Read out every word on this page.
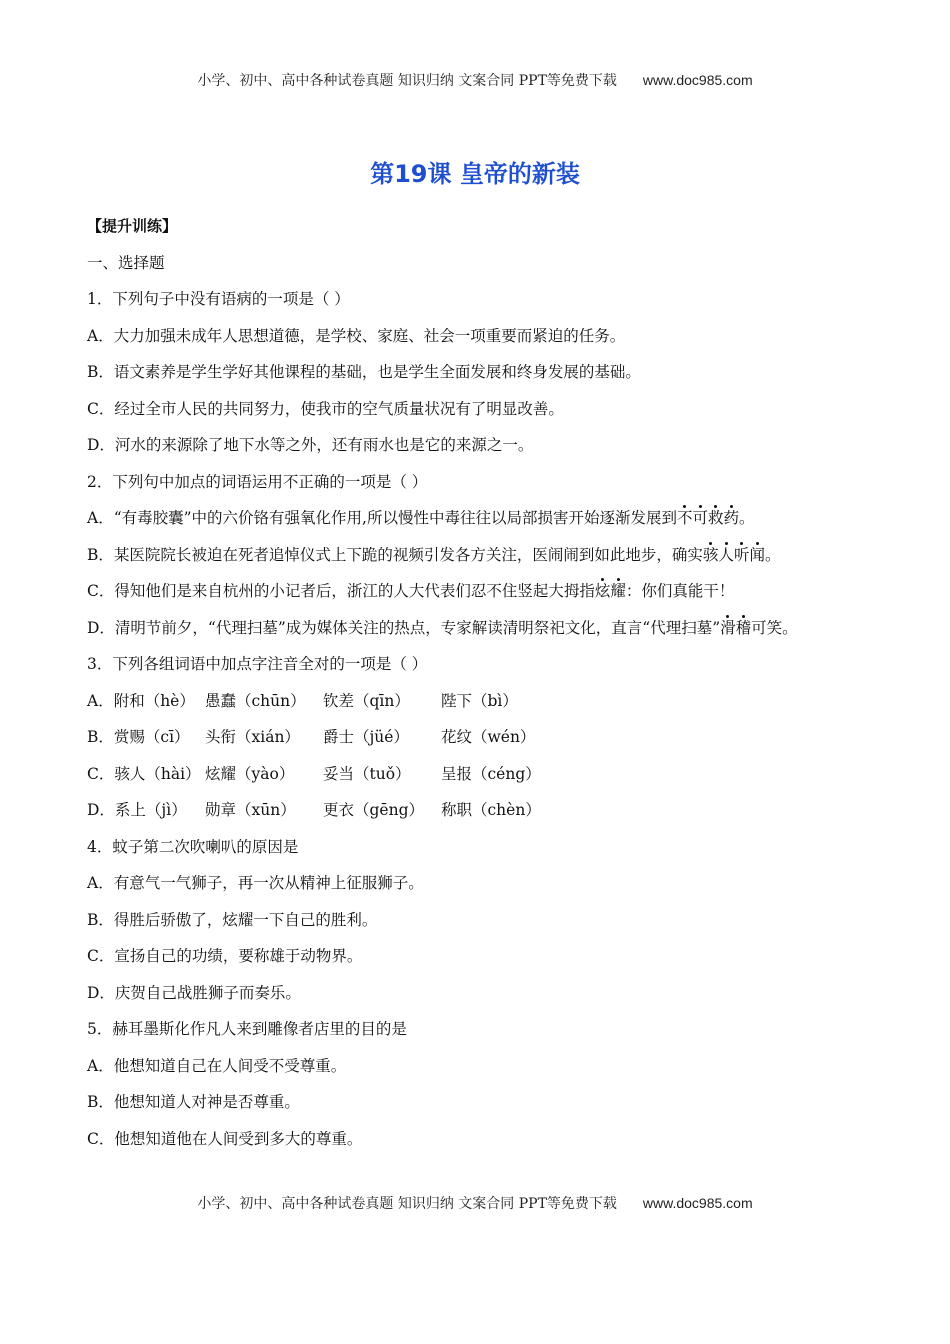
小学、初中、高中各种试卷真题 知识归纳 文案合同 PPT等免费下载 www.doc985.com
第19课 皇帝的新装
【提升训练】
一、选择题
1．下列句子中没有语病的一项是（ ）
A．大力加强未成年人思想道德，是学校、家庭、社会一项重要而紧迫的任务。
B．语文素养是学生学好其他课程的基础，也是学生全面发展和终身发展的基础。
C．经过全市人民的共同努力，使我市的空气质量状况有了明显改善。
D．河水的来源除了地下水等之外，还有雨水也是它的来源之一。
2．下列句中加点的词语运用不正确的一项是（ ）
A．“有毒胶囊”中的六价铬有强氧化作用,所以慢性中毒往往以局部损害开始逐渐发展到不可救药。
B．某医院院长被迫在死者追悼仪式上下跪的视频引发各方关注，医闹闹到如此地步，确实骇人听闻。
C．得知他们是来自杭州的小记者后，浙江的人大代表们忍不住竖起大拇指炫耀：你们真能干！
D．清明节前夕，“代理扫墓”成为媒体关注的热点，专家解读清明祭祀文化，直言“代理扫墓”滑稽可笑。
3．下列各组词语中加点字注音全对的一项是（ ）
A．附和（hè） 愚蠢（chūn） 钦差（qīn） 陛下（bì）
B．赏赐（cī） 头衔（xián） 爵士（jüé） 花纹（wén）
C．骇人（hài） 炫耀（yào） 妥当（tuǒ） 呈报（céng）
D．系上（jì） 勋章（xūn） 更衣（gēng） 称职（chèn）
4．蚊子第二次吹喇叭的原因是
A．有意气一气狮子，再一次从精神上征服狮子。
B．得胜后骄傲了，炫耀一下自己的胜利。
C．宣扬自己的功绩，要称雄于动物界。
D．庆贺自己战胜狮子而奏乐。
5．赫耳墨斯化作凡人来到雕像者店里的目的是
A．他想知道自己在人间受不受尊重。
B．他想知道人对神是否尊重。
C．他想知道他在人间受到多大的尊重。
小学、初中、高中各种试卷真题 知识归纳 文案合同 PPT等免费下载 www.doc985.com
